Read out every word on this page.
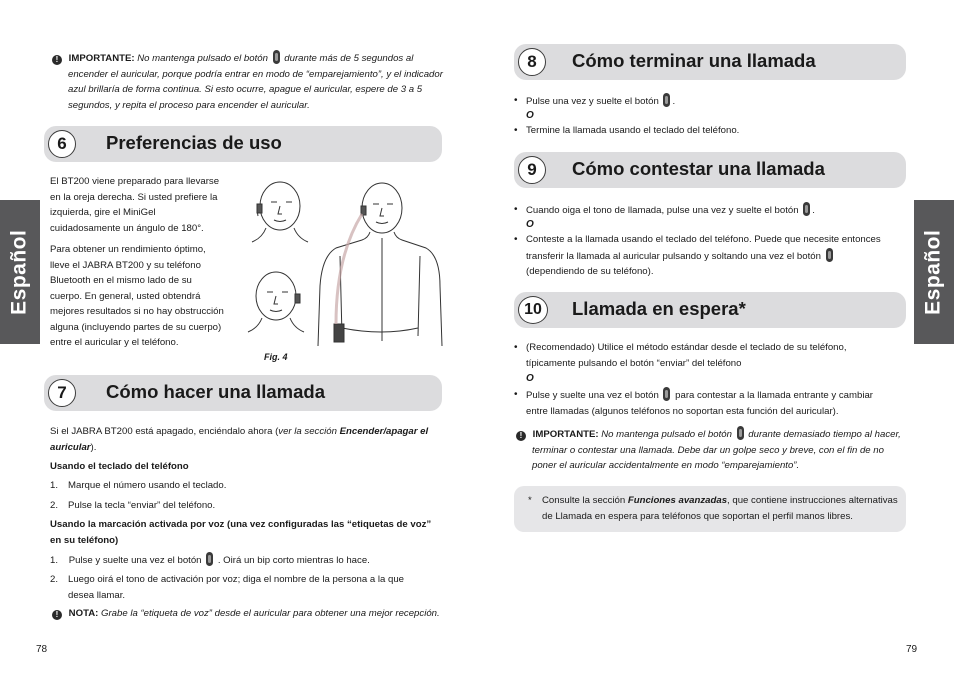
Español	Español
! IMPORTANTE: No mantenga pulsado el botón durante más de 5 segundos al
encender el auricular, porque podría entrar en modo de “emparejamiento”, y el indicador
azul brillaría de forma continua. Si esto ocurre, apague el auricular, espere de 3 a 5
segundos, y repita el proceso para encender el auricular.
6	Preferencias de uso
El BT200 viene preparado para llevarse
en la oreja derecha. Si usted prefiere la
izquierda, gire el MiniGel
cuidadosamente un ángulo de 180°.
Para obtener un rendimiento óptimo,
lleve el JABRA BT200 y su teléfono
Bluetooth en el mismo lado de su
cuerpo. En general, usted obtendrá
mejores resultados si no hay obstrucción
alguna (incluyendo partes de su cuerpo)
entre el auricular y el teléfono.
Fig. 4
7	Cómo hacer una llamada
Si el JABRA BT200 está apagado, enciéndalo ahora (ver la sección Encender/apagar el
auricular).
Usando el teclado del teléfono
1. Marque el número usando el teclado.
2. Pulse la tecla “enviar” del teléfono.
Usando la marcación activada por voz (una vez configuradas las “etiquetas de voz”
en su teléfono)
1. Pulse y suelte una vez el botón . Oirá un bip corto mientras lo hace.
2. Luego oirá el tono de activación por voz; diga el nombre de la persona a la que
desea llamar.
! NOTA: Grabe la “etiqueta de voz” desde el auricular para obtener una mejor recepción.
78
8	Cómo terminar una llamada
• Pulse una vez y suelte el botón .
O
• Termine la llamada usando el teclado del teléfono.
9	Cómo contestar una llamada
• Cuando oiga el tono de llamada, pulse una vez y suelte el botón .
O
• Conteste a la llamada usando el teclado del teléfono. Puede que necesite entonces
transferir la llamada al auricular pulsando y soltando una vez el botón
(dependiendo de su teléfono).
10	Llamada en espera*
• (Recomendado) Utilice el método estándar desde el teclado de su teléfono,
típicamente pulsando el botón “enviar” del teléfono
O
• Pulse y suelte una vez el botón para contestar a la llamada entrante y cambiar
entre llamadas (algunos teléfonos no soportan esta función del auricular).
! IMPORTANTE: No mantenga pulsado el botón durante demasiado tiempo al hacer,
terminar o contestar una llamada. Debe dar un golpe seco y breve, con el fin de no
poner el auricular accidentalmente en modo “emparejamiento”.
* Consulte la sección Funciones avanzadas, que contiene instrucciones alternativas
de Llamada en espera para teléfonos que soportan el perfil manos libres.
79
